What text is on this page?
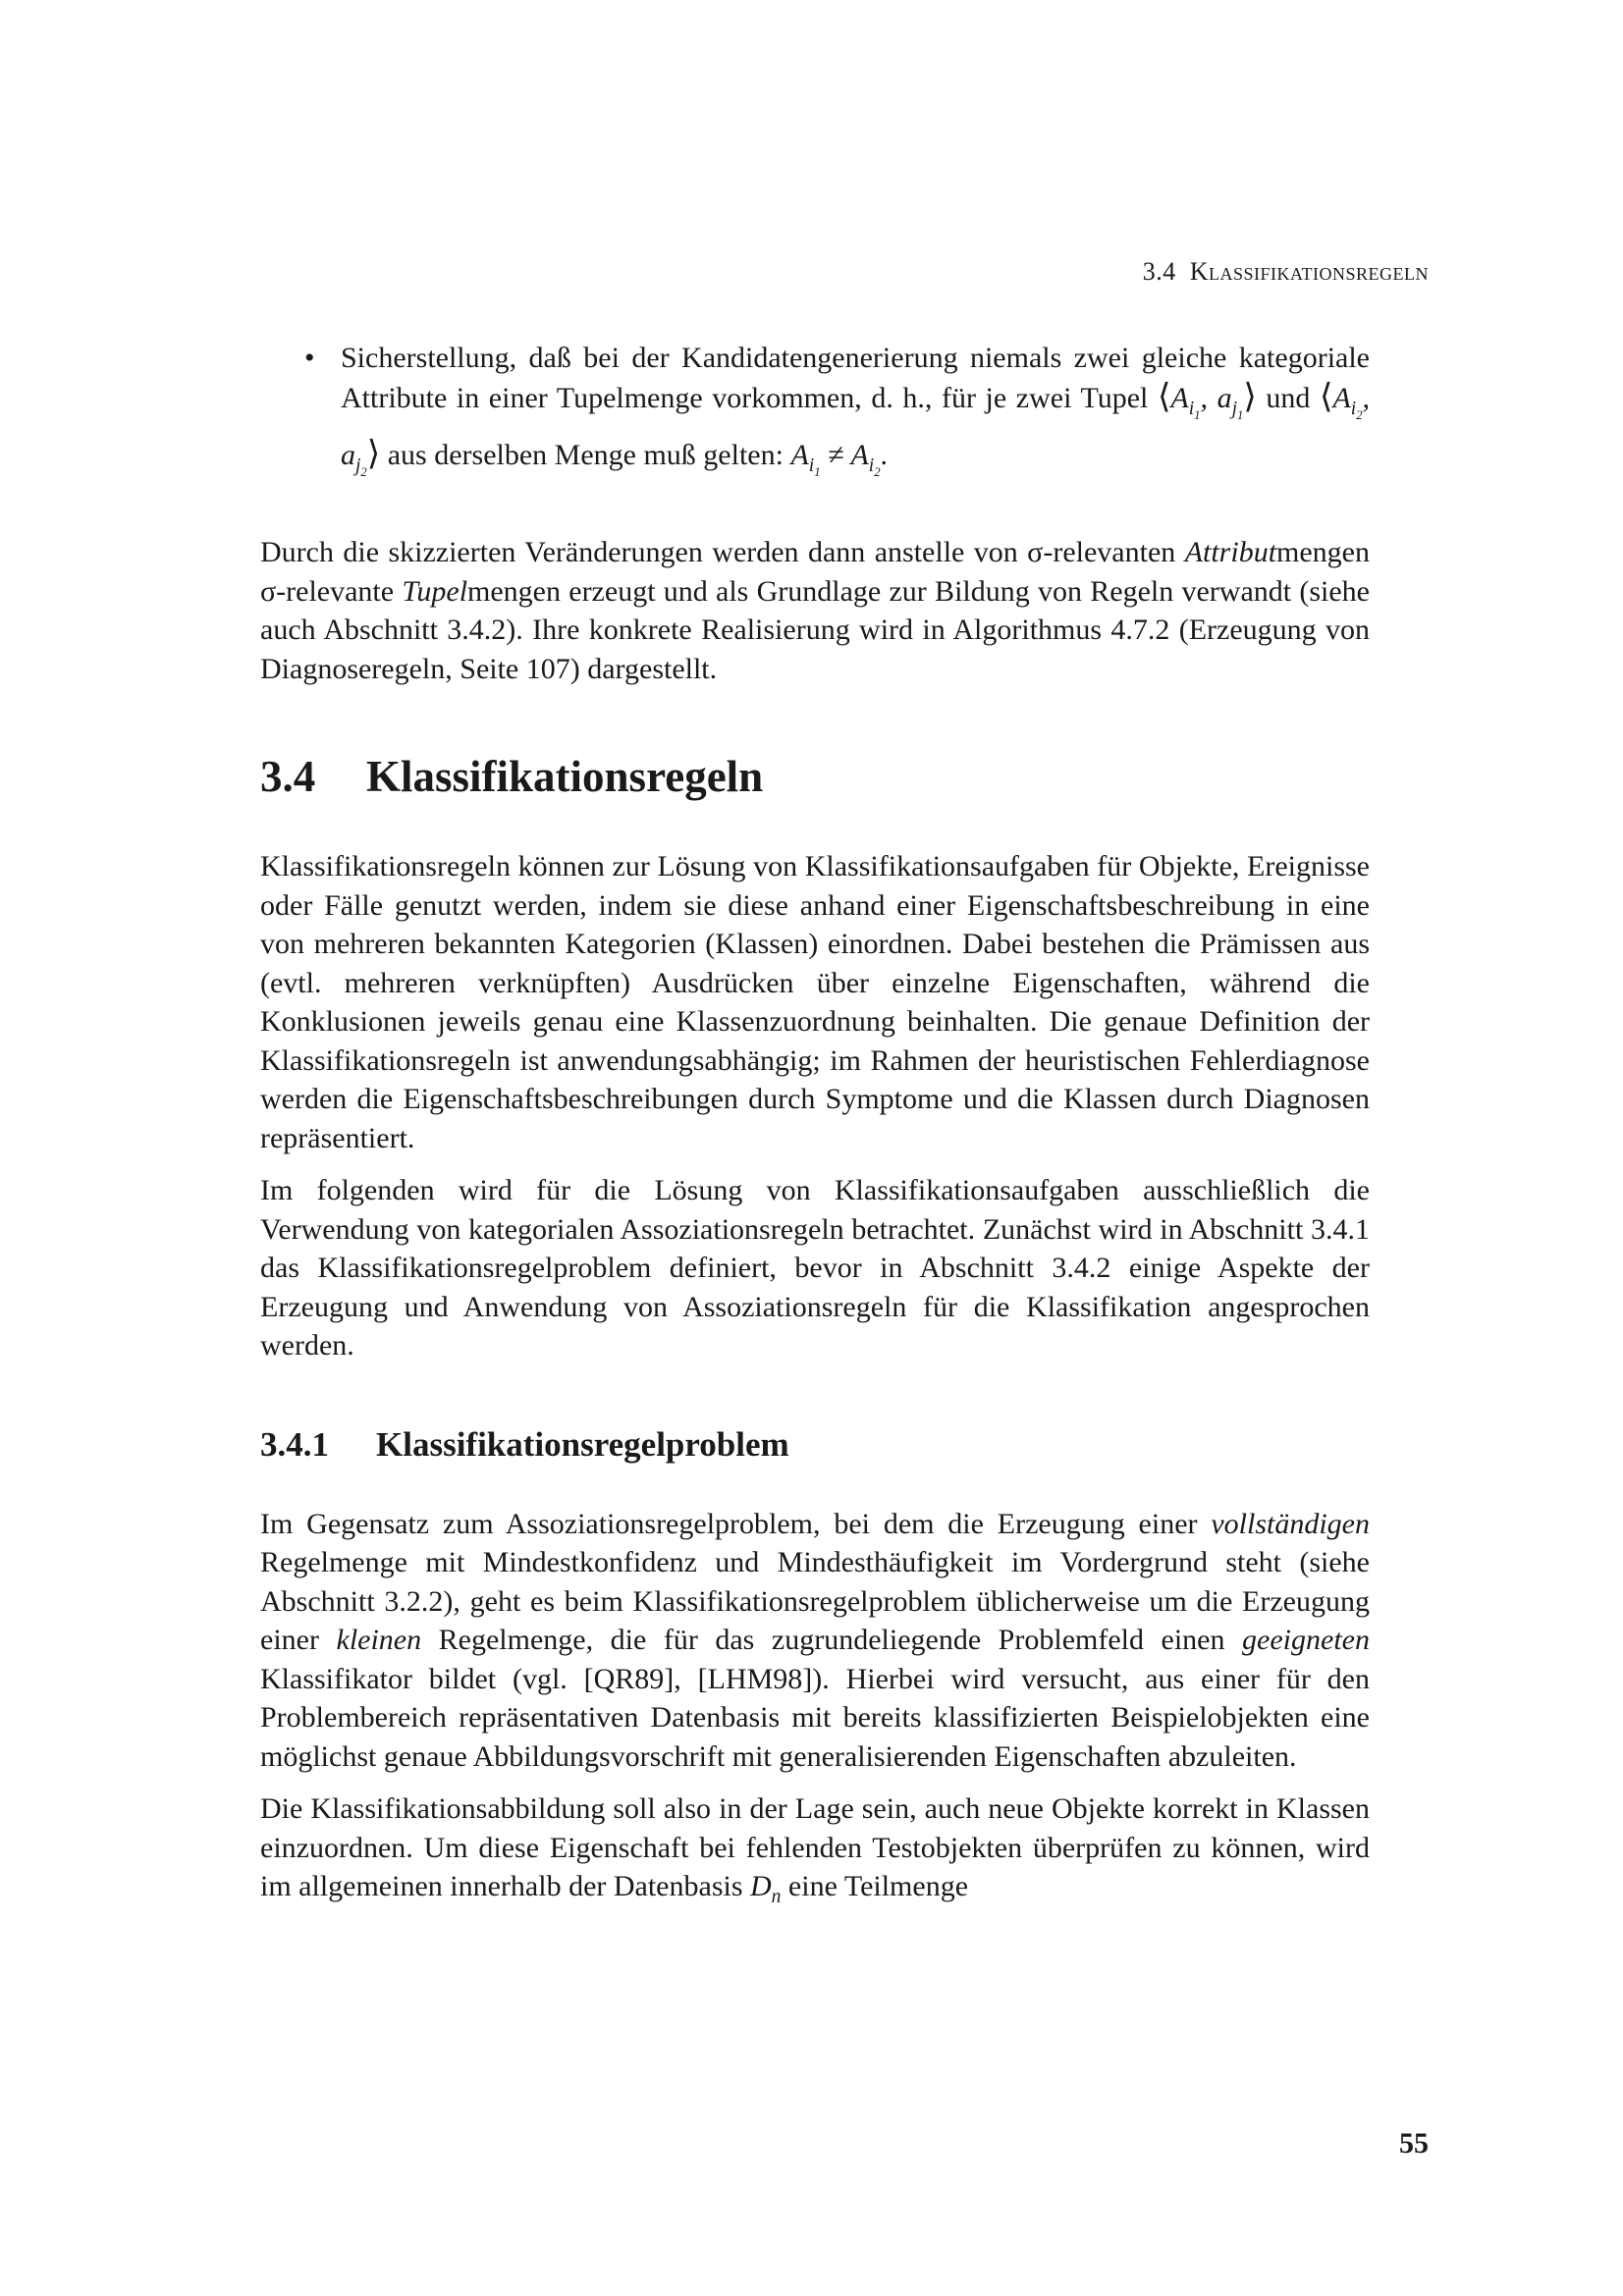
3.4 Klassifikationsregeln
• Sicherstellung, daß bei der Kandidatengenerierung niemals zwei gleiche kategoriale Attribute in einer Tupelmenge vorkommen, d. h., für je zwei Tupel $⟨A_{i_1}$, $a_{j_1}⟩$ und $⟨A_{i_2}$, $a_{j_2}⟩$ aus derselben Menge muß gelten: $A_{i_1} \ne A_{i_2}$.

Durch die skizzierten Veränderungen werden dann anstelle von σ-relevanten Attributmengen σ-relevante Tupelmengen erzeugt und als Grundlage zur Bildung von Regeln verwandt (siehe auch Abschnitt 3.4.2). Ihre konkrete Realisierung wird in Algorithmus 4.7.2 (Erzeugung von Diagnoseregeln, Seite 107) dargestellt.

3.4 Klassifikationsregeln

Klassifikationsregeln können zur Lösung von Klassifikationsaufgaben für Objekte, Ereignisse oder Fälle genutzt werden, indem sie diese anhand einer Eigenschaftsbeschreibung in eine von mehreren bekannten Kategorien (Klassen) einordnen. Dabei bestehen die Prämissen aus (evtl. mehreren verknüpften) Ausdrücken über einzelne Eigenschaften, während die Konklusionen jeweils genau eine Klassenzuordnung beinhalten. Die genaue Definition der Klassifikationsregeln ist anwendungsabhängig; im Rahmen der heuristischen Fehlerdiagnose werden die Eigenschaftsbeschreibungen durch Symptome und die Klassen durch Diagnosen repräsentiert.

Im folgenden wird für die Lösung von Klassifikationsaufgaben ausschließlich die Verwendung von kategorialen Assoziationsregeln betrachtet. Zunächst wird in Abschnitt 3.4.1 das Klassifikationsregelproblem definiert, bevor in Abschnitt 3.4.2 einige Aspekte der Erzeugung und Anwendung von Assoziationsregeln für die Klassifikation angesprochen werden.

3.4.1 Klassifikationsregelproblem

Im Gegensatz zum Assoziationsregelproblem, bei dem die Erzeugung einer vollständigen Regelmenge mit Mindestkonfidenz und Mindesthäufigkeit im Vordergrund steht (siehe Abschnitt 3.2.2), geht es beim Klassifikationsregelproblem üblicherweise um die Erzeugung einer kleinen Regelmenge, die für das zugrundeliegende Problemfeld einen geeigneten Klassifikator bildet (vgl. [QR89], [LHM98]). Hierbei wird versucht, aus einer für den Problembereich repräsentativen Datenbasis mit bereits klassifizierten Beispielobjekten eine möglichst genaue Abbildungsvorschrift mit generalisierenden Eigenschaften abzuleiten.

Die Klassifikationsabbildung soll also in der Lage sein, auch neue Objekte korrekt in Klassen einzuordnen. Um diese Eigenschaft bei fehlenden Testobjekten überprüfen zu können, wird im allgemeinen innerhalb der Datenbasis $D_n$ eine Teilmenge

55
